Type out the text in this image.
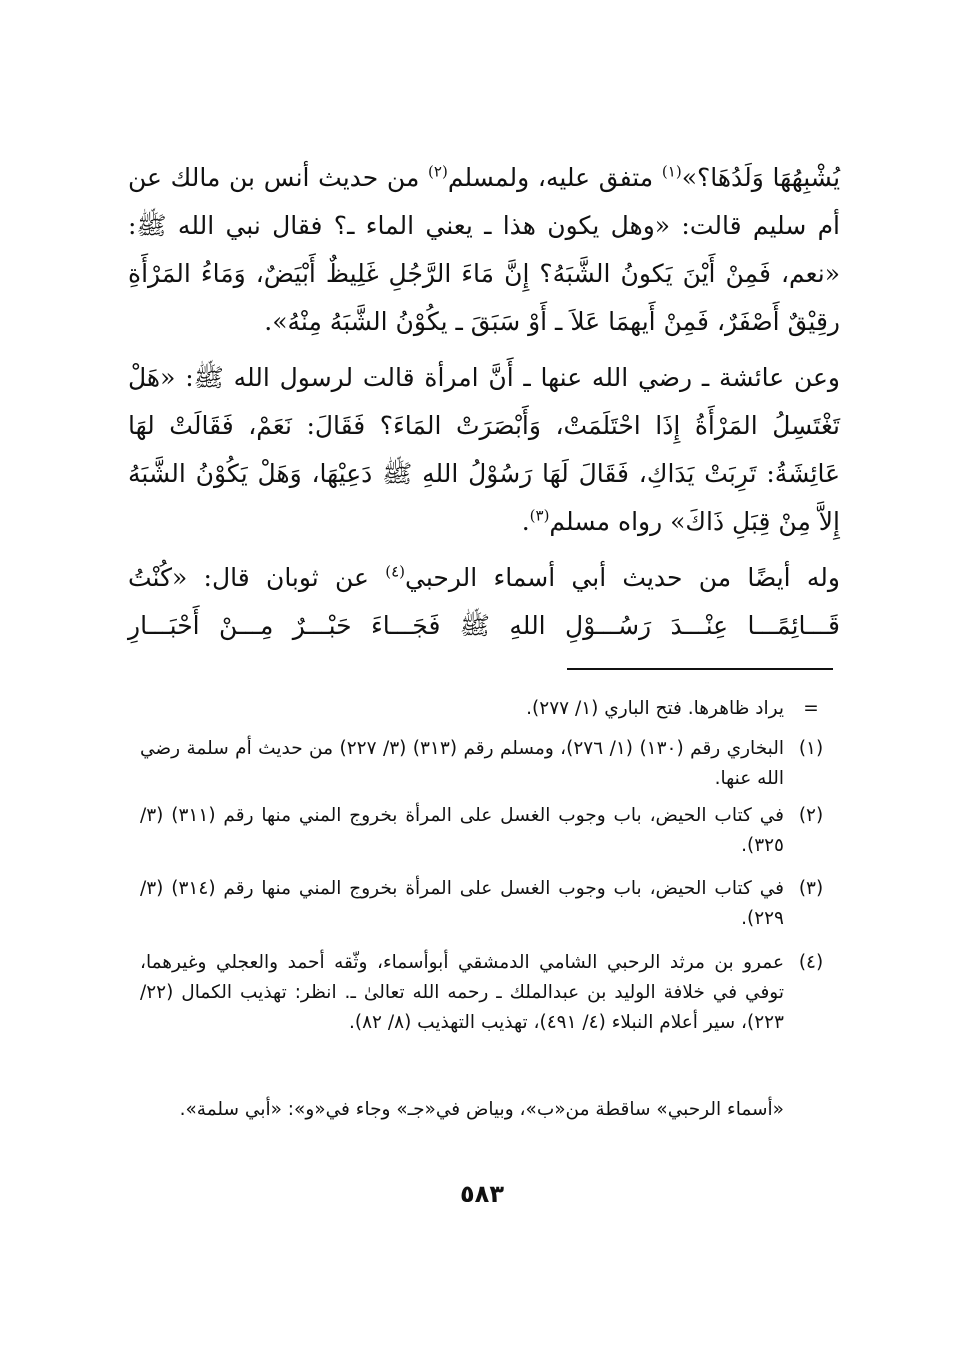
يُشْبِهُهَا وَلَدُهَا؟»$^{(١)}$ متفق عليه، ولمسلم$^{(٢)}$ من حديث أنس بن مالك عن أم سليم قالت: «وهل يكون هذا ـ يعني الماء ـ؟ فقال نبي الله ﷺ: «نعم، فَمِنْ أَيْنَ يَكونُ الشَّبَهُ؟ إِنَّ مَاءَ الرَّجُلِ غَلِيظٌ أَبْيَضٌ، وَمَاءُ المَرْأَةِ رقِيْقٌ أَصْفَرٌ، فَمِنْ أَيهمَا عَلاَ ـ أَوْ سَبَقَ ـ يكُوْنُ الشَّبَهُ مِنْهُ».

وعن عائشة ـ رضي الله عنها ـ أَنَّ امرأة قالت لرسول الله ﷺ: «هَلْ تَغْتَسِلُ المَرْأَةُ إِذَا احْتَلَمَتْ، وَأَبْصَرَتْ المَاءَ؟ فَقَالَ: نَعَمْ، فَقَالَتْ لهَا عَائِشَةُ: تَرِبَتْ يَدَاكِ، فَقَالَ لَهَا رَسُوْلُ اللهِ ﷺ دَعِيْهَا، وَهَلْ يَكُوْنُ الشَّبَهُ إِلاَّ مِنْ قِبَلِ ذَاكَ» رواه مسلم$^{(٣)}$.

وله أيضًا من حديث أبي أسماء الرحبي$^{(٤)}$ عن ثوبان قال: «كُنْتُ قَـــائِمًـــا عِنْـــدَ رَسُـــوْلِ اللهِ ﷺ فَجَـــاءَ حَبْـــرٌ مِـــنْ أَحْبَـــارِ

=
يراد ظاهرها. فتح الباري (١/ ٢٧٧).
(١)
البخاري رقم (١٣٠) (١/ ٢٧٦)، ومسلم رقم (٣١٣) (٣/ ٢٢٧) من حديث أم سلمة رضي الله عنها.
(٢)
في كتاب الحيض، باب وجوب الغسل على المرأة بخروج المني منها رقم (٣١١) (٣/ ٣٢٥).
(٣)
في كتاب الحيض، باب وجوب الغسل على المرأة بخروج المني منها رقم (٣١٤) (٣/ ٢٢٩).
(٤)
عمرو بن مرثد الرحبي الشامي الدمشقي أبوأسماء، وثّقه أحمد والعجلي وغيرهما، توفي في خلافة الوليد بن عبدالملك ـ رحمه الله تعالىٰ ـ. انظر: تهذيب الكمال (٢٢/ ٢٢٣)، سير أعلام النبلاء (٤/ ٤٩١)، تهذيب التهذيب (٨/ ٨٢).
«أسماء الرحبي» ساقطة من«ب»، وبياض في«جـ» وجاء في«و»: «أبي سلمة».
٥٨٣
